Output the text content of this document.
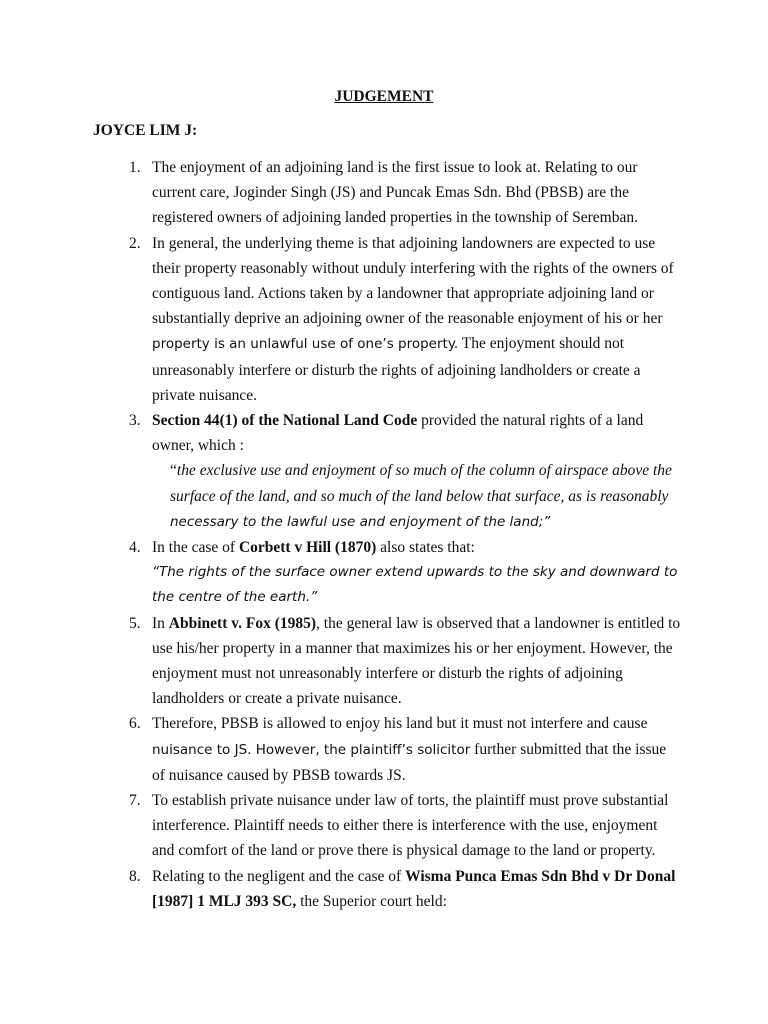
JUDGEMENT
JOYCE LIM J:
1. The enjoyment of an adjoining land is the first issue to look at. Relating to our current care, Joginder Singh (JS) and Puncak Emas Sdn. Bhd (PBSB) are the registered owners of adjoining landed properties in the township of Seremban.
2. In general, the underlying theme is that adjoining landowners are expected to use their property reasonably without unduly interfering with the rights of the owners of contiguous land. Actions taken by a landowner that appropriate adjoining land or substantially deprive an adjoining owner of the reasonable enjoyment of his or her property is an unlawful use of one’s property. The enjoyment should not unreasonably interfere or disturb the rights of adjoining landholders or create a private nuisance.
3. Section 44(1) of the National Land Code provided the natural rights of a land owner, which :
“the exclusive use and enjoyment of so much of the column of airspace above the surface of the land, and so much of the land below that surface, as is reasonably necessary to the lawful use and enjoyment of the land;”
4. In the case of Corbett v Hill (1870) also states that:
“The rights of the surface owner extend upwards to the sky and downward to the centre of the earth.”
5. In Abbinett v. Fox (1985), the general law is observed that a landowner is entitled to use his/her property in a manner that maximizes his or her enjoyment. However, the enjoyment must not unreasonably interfere or disturb the rights of adjoining landholders or create a private nuisance.
6. Therefore, PBSB is allowed to enjoy his land but it must not interfere and cause nuisance to JS. However, the plaintiff’s solicitor further submitted that the issue of nuisance caused by PBSB towards JS.
7. To establish private nuisance under law of torts, the plaintiff must prove substantial interference. Plaintiff needs to either there is interference with the use, enjoyment and comfort of the land or prove there is physical damage to the land or property.
8. Relating to the negligent and the case of Wisma Punca Emas Sdn Bhd v Dr Donal [1987] 1 MLJ 393 SC, the Superior court held:
